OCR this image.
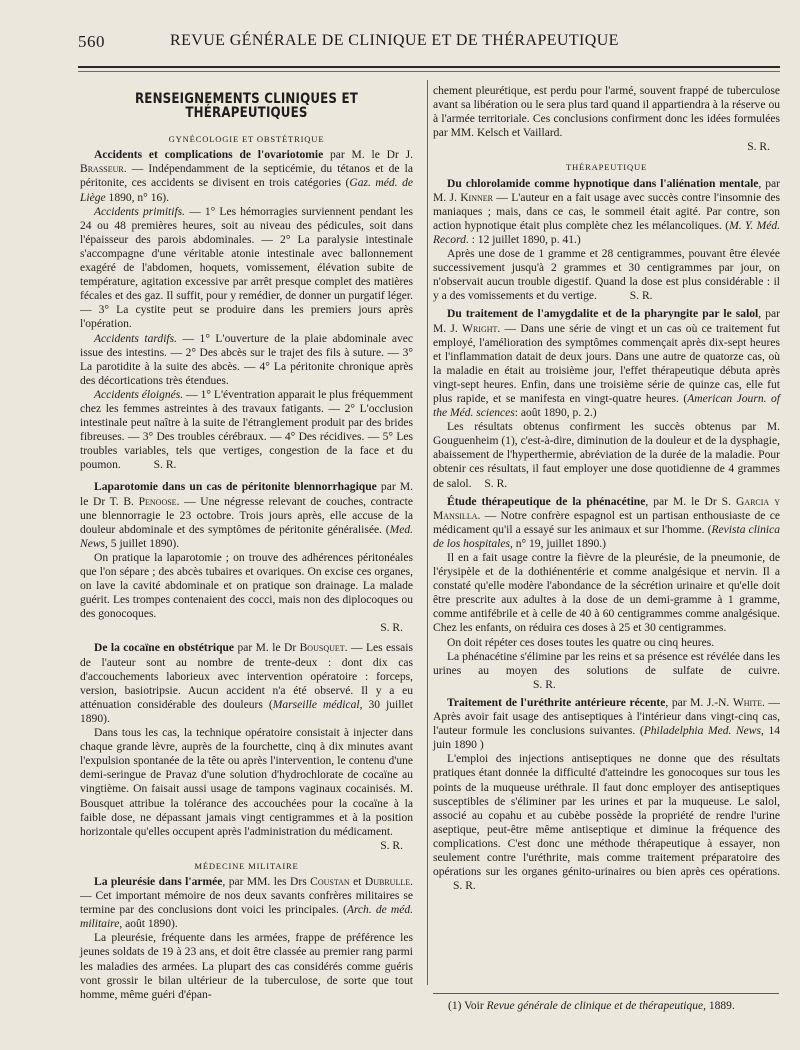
560	REVUE GÉNÉRALE DE CLINIQUE ET DE THÉRAPEUTIQUE
RENSEIGNEMENTS CLINIQUES ET THÉRAPEUTIQUES
GYNÉCOLOGIE ET OBSTÉTRIQUE

Accidents et complications de l'ovariotomie par M. le Dr J. Brasseur. — Indépendamment de la septicémie, du tétanos et de la péritonite, ces accidents se divisent en trois catégories (Gaz. méd. de Liège 1890, n° 16).

Accidents primitifs. — 1° Les hémorragies surviennent pendant les 24 ou 48 premières heures, soit au niveau des pédicules, soit dans l'épaisseur des parois abdominales. — 2° La paralysie intestinale s'accompagne d'une véritable atonie intestinale avec ballonnement exagéré de l'abdomen, hoquets, vomissement, élévation subite de température, agitation excessive par arrêt presque complet des matières fécales et des gaz. Il suffit, pour y remédier, de donner un purgatif léger. — 3° La cystite peut se produire dans les premiers jours après l'opération.

Accidents tardifs. — 1° L'ouverture de la plaie abdominale avec issue des intestins. — 2° Des abcès sur le trajet des fils à suture. — 3° La parotidite à la suite des abcès. — 4° La péritonite chronique après des décortications très étendues.

Accidents éloignés. — 1° L'éventration apparait le plus fréquemment chez les femmes astreintes à des travaux fatigants. — 2° L'occlusion intestinale peut naître à la suite de l'étranglement produit par des brides fibreuses. — 3° Des troubles cérébraux. — 4° Des récidives. — 5° Les troubles variables, tels que vertiges, congestion de la face et du poumon.	S. R.

Laparotomie dans un cas de péritonite blennorrhagique par M. le Dr T. B. Penoose. — Une négresse relevant de couches, contracte une blennorragie le 23 octobre. Trois jours après, elle accuse de la douleur abdominale et des symptômes de péritonite généralisée. (Med. News, 5 juillet 1890).

On pratique la laparotomie ; on trouve des adhérences péritonéales que l'on sépare ; des abcès tubaires et ovariques. On excise ces organes, on lave la cavité abdominale et on pratique son drainage. La malade guérit. Les trompes contenaient des cocci, mais non des diplocoques ou des gonocoques.

S. R.

De la cocaïne en obstétrique par M. le Dr Bousquet. — Les essais de l'auteur sont au nombre de trente-deux : dont dix cas d'accouchements laborieux avec intervention opératoire : forceps, version, basiotripsie. Aucun accident n'a été observé. Il y a eu atténuation considérable des douleurs (Marseille médical, 30 juillet 1890).

Dans tous les cas, la technique opératoire consistait à injecter dans chaque grande lèvre, auprès de la fourchette, cinq à dix minutes avant l'expulsion spontanée de la tête ou après l'intervention, le contenu d'une demi-seringue de Pravaz d'une solution d'hydrochlorate de cocaïne au vingtième. On faisait aussi usage de tampons vaginaux cocainisés. M. Bousquet attribue la tolérance des accouchées pour la cocaïne à la faible dose, ne dépassant jamais vingt centigrammes et à la position horizontale qu'elles occupent après l'administration du médicament.

S. R.
MÉDECINE MILITAIRE

La pleurésie dans l'armée, par MM. les Drs Coustan et Dubrulle. — Cet important mémoire de nos deux savants confrères militaires se termine par des conclusions dont voici les principales. (Arch. de méd. militaire, août 1890).

La pleurésie, fréquente dans les armées, frappe de préférence les jeunes soldats de 19 à 23 ans, et doit être classée au premier rang parmi les maladies des armées. La plupart des cas considérés comme guéris vont grossir le bilan ultérieur de la tuberculose, de sorte que tout homme, même guéri d'épan-

chement pleurétique, est perdu pour l'armé, souvent frappé de tuberculose avant sa libération ou le sera plus tard quand il appartiendra à la réserve ou à l'armée territoriale. Ces conclusions confirment donc les idées formulées par MM. Kelsch et Vaillard.

S. R.
THÉRAPEUTIQUE

Du chlorolamide comme hypnotique dans l'aliénation mentale, par M. J. Kinner — L'auteur en a fait usage avec succès contre l'insomnie des maniaques ; mais, dans ce cas, le sommeil était agité. Par contre, son action hypnotique était plus complète chez les mélancoliques. (M. Y. Méd. Record. : 12 juillet 1890, p. 41.)

Après une dose de 1 gramme et 28 centigrammes, pouvant être élevée successivement jusqu'à 2 grammes et 30 centigrammes par jour, on n'observait aucun trouble digestif. Quand la dose est plus considérable : il y a des vomissements et du vertige.	S. R.

Du traitement de l'amygdalite et de la pharyngite par le salol, par M. J. Wright. — Dans une série de vingt et un cas où ce traitement fut employé, l'amélioration des symptômes commençait après dix-sept heures et l'inflammation datait de deux jours. Dans une autre de quatorze cas, où la maladie en était au troisième jour, l'effet thérapeutique débuta après vingt-sept heures. Enfin, dans une troisième série de quinze cas, elle fut plus rapide, et se manifesta en vingt-quatre heures. (American Journ. of the Méd. sciences: août 1890, p. 2.)

Les résultats obtenus confirment les succès obtenus par M. Gouguenheim (1), c'est-à-dire, diminution de la douleur et de la dysphagie, abaissement de l'hyperthermie, abréviation de la durée de la maladie. Pour obtenir ces résultats, il faut employer une dose quotidienne de 4 grammes de salol. S. R.

Étude thérapeutique de la phénacétine, par M. le Dr S. Garcia y Mansilla. — Notre confrère espagnol est un partisan enthousiaste de ce médicament qu'il a essayé sur les animaux et sur l'homme. (Revista clinica de los hospitales, n° 19, juillet 1890.)

Il en a fait usage contre la fièvre de la pleurésie, de la pneumonie, de l'érysipèle et de la dothiénentérie et comme analgésique et nervin. Il a constaté qu'elle modère l'abondance de la sécrétion urinaire et qu'elle doit être prescrite aux adultes à la dose de un demi-gramme à 1 gramme, comme antifébrile et à celle de 40 à 60 centigrammes comme analgésique. Chez les enfants, on réduira ces doses à 25 et 30 centigrammes.

On doit répéter ces doses toutes les quatre ou cinq heures.

La phénacétine s'élimine par les reins et sa présence est révélée dans les urines au moyen des solutions de sulfate de cuivre. S. R.

Traitement de l'uréthrite antérieure récente, par M. J.-N. White. — Après avoir fait usage des antiseptiques à l'intérieur dans vingt-cinq cas, l'auteur formule les conclusions suivantes. (Philadelphia Med. News, 14 juin 1890 )

L'emploi des injections antiseptiques ne donne que des résultats pratiques étant donnée la difficulté d'atteindre les gonocoques sur tous les points de la muqueuse uréthrale. Il faut donc employer des antiseptiques susceptibles de s'éliminer par les urines et par la muqueuse. Le salol, associé au copahu et au cubèbe possède la propriété de rendre l'urine aseptique, peut-être même antiseptique et diminue la fréquence des complications. C'est donc une méthode thérapeutique à essayer, non seulement contre l'uréthrite, mais comme traitement préparatoire des opérations sur les organes génito-urinaires ou bien après ces opérations. S. R.

(1) Voir Revue générale de clinique et de thérapeutique, 1889.
